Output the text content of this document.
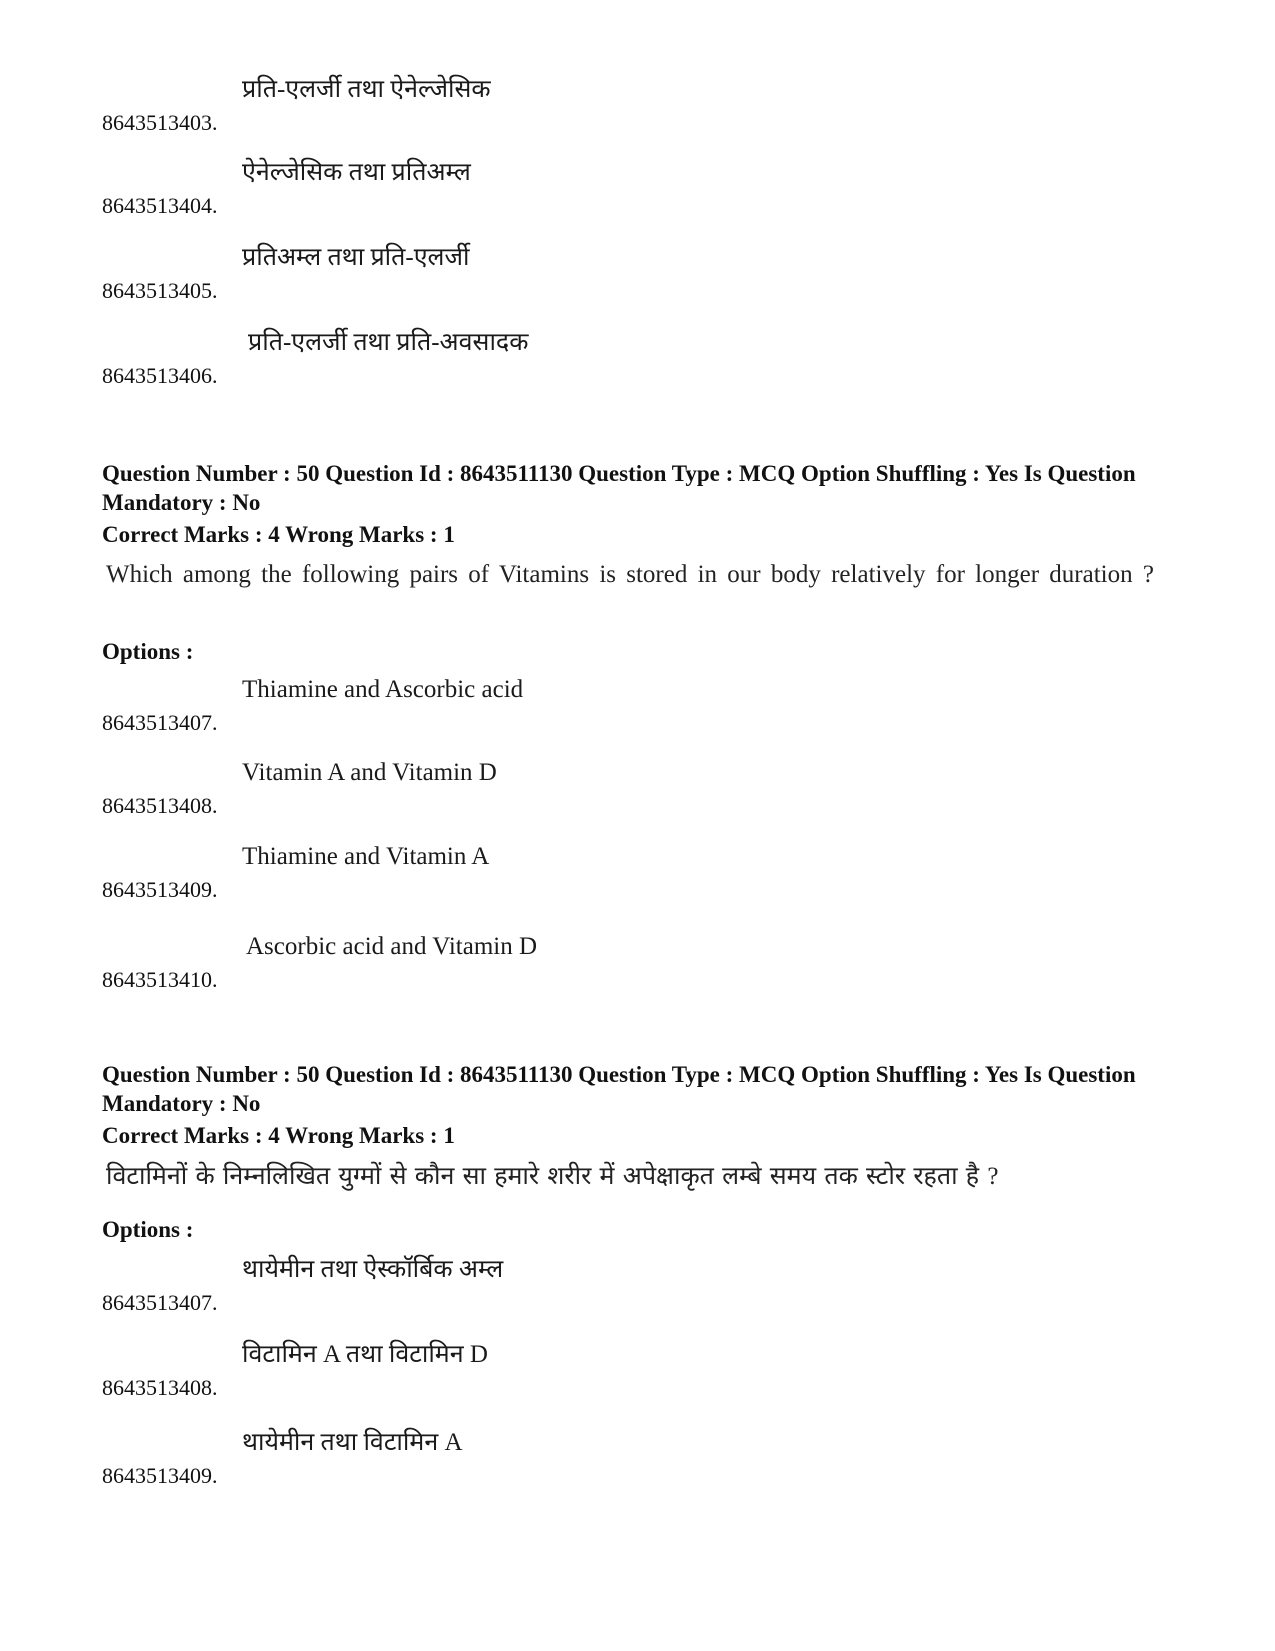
8643513403.
प्रति-एलर्जी तथा ऐनेल्जेसिक
8643513404.
ऐनेल्जेसिक तथा प्रतिअम्ल
8643513405.
प्रतिअम्ल तथा प्रति-एलर्जी
8643513406.
प्रति-एलर्जी तथा प्रति-अवसादक
Question Number : 50 Question Id : 8643511130 Question Type : MCQ Option Shuffling : Yes Is Question Mandatory : No
Correct Marks : 4 Wrong Marks : 1
Which among the following pairs of Vitamins is stored in our body relatively for longer duration ?
Options :
8643513407.
Thiamine and Ascorbic acid
8643513408.
Vitamin A and Vitamin D
8643513409.
Thiamine and Vitamin A
8643513410.
Ascorbic acid and Vitamin D
Question Number : 50 Question Id : 8643511130 Question Type : MCQ Option Shuffling : Yes Is Question Mandatory : No
Correct Marks : 4 Wrong Marks : 1
विटामिनों के निम्नलिखित युग्मों से कौन सा हमारे शरीर में अपेक्षाकृत लम्बे समय तक स्टोर रहता है ?
Options :
8643513407.
थायेमीन तथा ऐस्कॉर्बिक अम्ल
8643513408.
विटामिन A तथा विटामिन D
8643513409.
थायेमीन तथा विटामिन A
